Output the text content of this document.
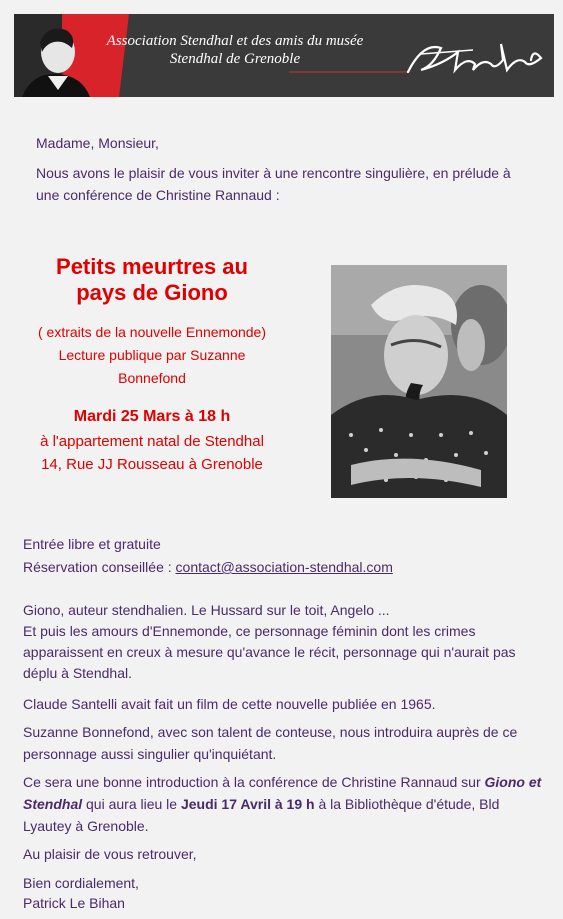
Association Stendhal et des amis du musée
Stendhal de Grenoble
Madame, Monsieur,
Nous avons le plaisir de vous inviter à une rencontre singulière, en prélude à une conférence de Christine Rannaud :
Petits meurtres au
pays de Giono
( extraits de la nouvelle Ennemonde)
Lecture publique par Suzanne
Bonnefond
Mardi 25 Mars à 18 h
à l'appartement natal de Stendhal
14, Rue JJ Rousseau à Grenoble
Entrée libre et gratuite
Réservation conseillée : contact@association-stendhal.com
Giono, auteur stendhalien. Le Hussard sur le toit, Angelo ...
Et puis les amours d'Ennemonde, ce personnage féminin dont les crimes apparaissent en creux à mesure qu'avance le récit, personnage qui n'aurait pas déplu à Stendhal.
Claude Santelli avait fait un film de cette nouvelle publiée en 1965.
Suzanne Bonnefond, avec son talent de conteuse, nous introduira auprès de ce personnage aussi singulier qu'inquiétant.
Ce sera une bonne introduction à la conférence de Christine Rannaud sur Giono et Stendhal qui aura lieu le Jeudi 17 Avril à 19 h à la Bibliothèque d'étude, Bld Lyautey à Grenoble.
Au plaisir de vous retrouver,
Bien cordialement,
Patrick Le Bihan
